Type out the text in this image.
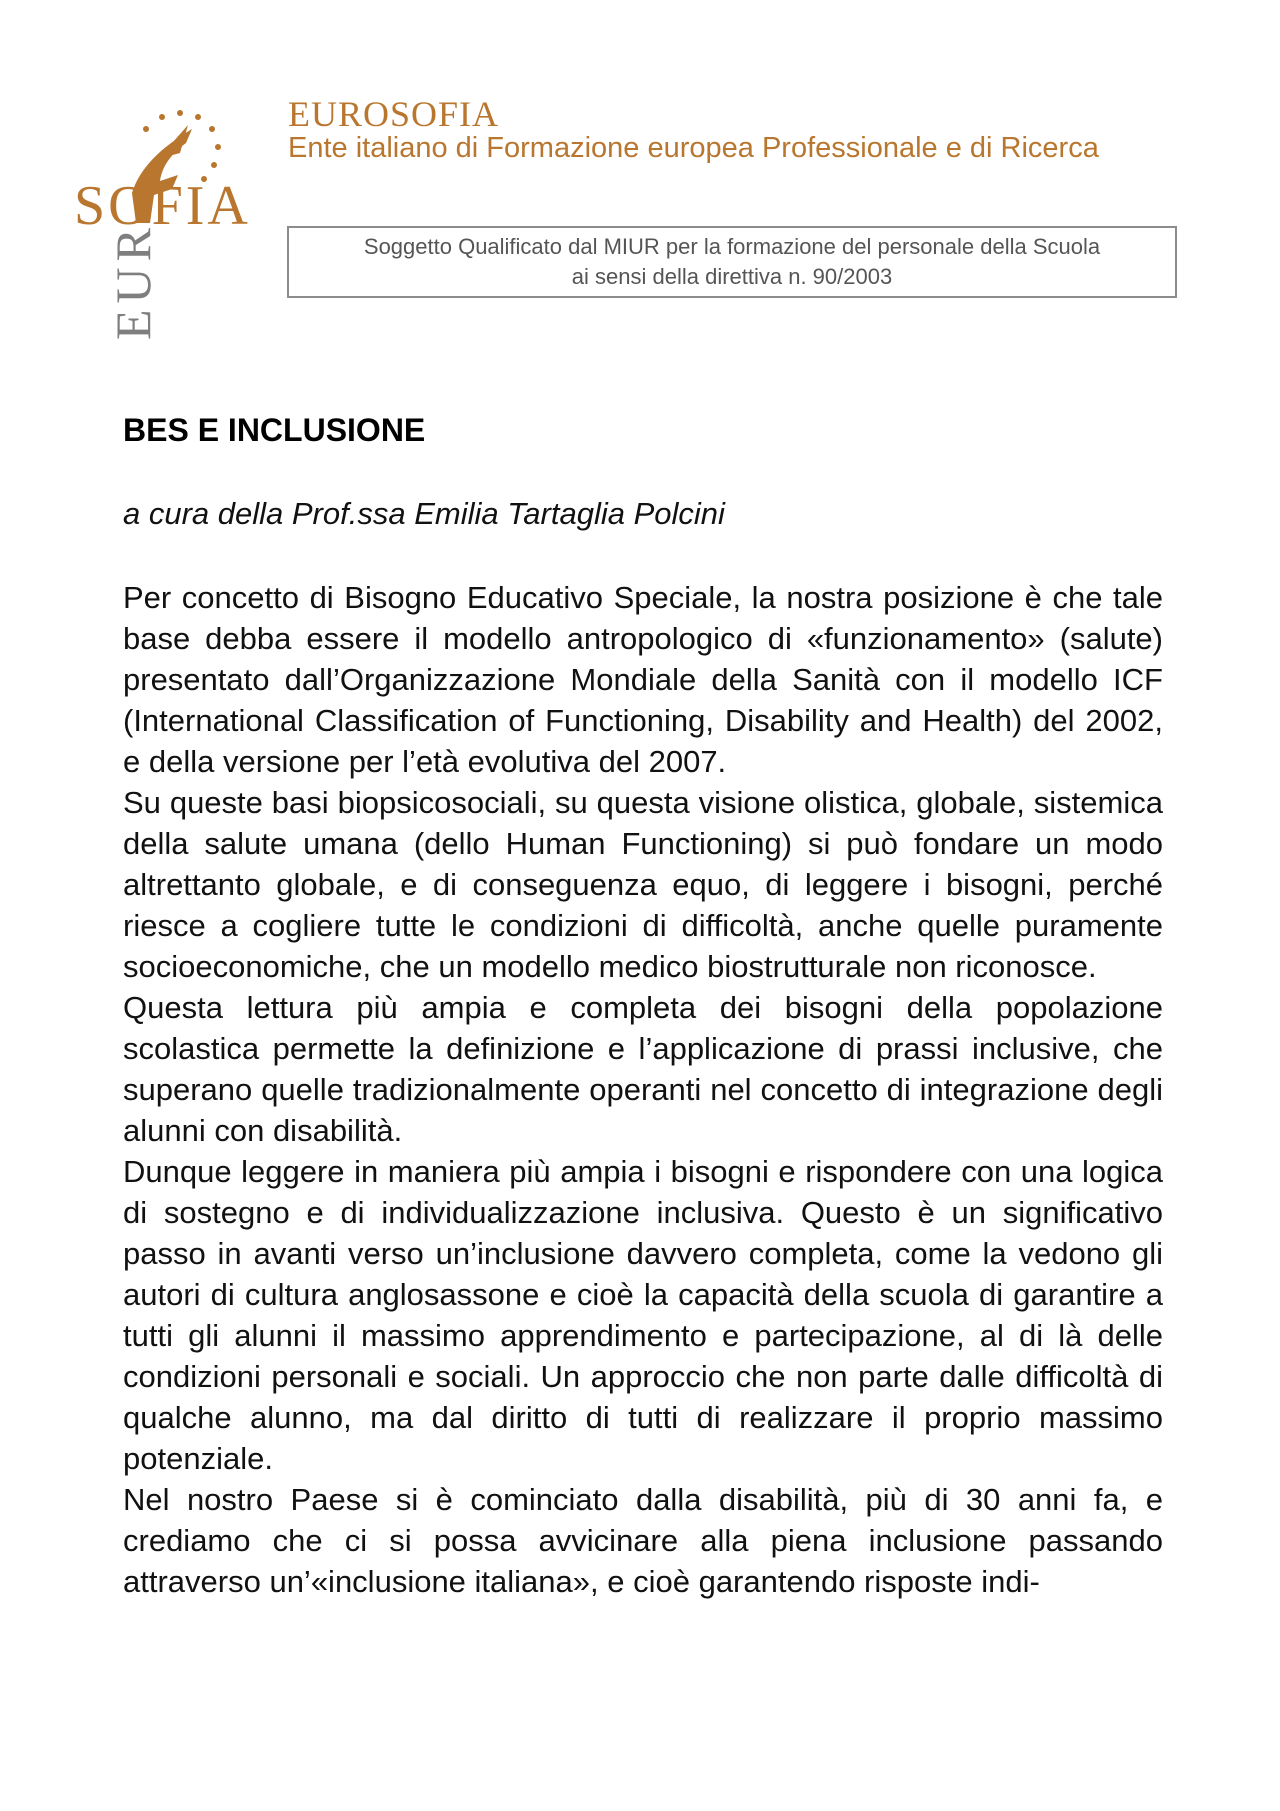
SOFIA
EUR
EUROSOFIA
Ente italiano di Formazione europea Professionale e di Ricerca
Soggetto Qualificato dal MIUR per la formazione del personale della Scuola
ai sensi della direttiva n. 90/2003
BES E INCLUSIONE
a cura della Prof.ssa Emilia Tartaglia Polcini

Per concetto di Bisogno Educativo Speciale, la nostra posizione è che tale base debba essere il modello antropologico di «funzionamento» (salute) presentato dall’Organizzazione Mondiale della Sanità con il modello ICF (International Classification of Functioning, Disability and Health) del 2002, e della versione per l’età evolutiva del 2007.

Su queste basi biopsicosociali, su questa visione olistica, globale, sistemica della salute umana (dello Human Functioning) si può fondare un modo altrettanto globale, e di conseguenza equo, di leggere i bisogni, perché riesce a cogliere tutte le condizioni di difficoltà, anche quelle puramente socioeconomiche, che un modello medico biostrutturale non riconosce.

Questa lettura più ampia e completa dei bisogni della popolazione scolastica permette la definizione e l’applicazione di prassi inclusive, che superano quelle tradizionalmente operanti nel concetto di integrazione degli alunni con disabilità.

Dunque leggere in maniera più ampia i bisogni e rispondere con una logica di sostegno e di individualizzazione inclusiva. Questo è un significativo passo in avanti verso un’inclusione davvero completa, come la vedono gli autori di cultura anglosassone e cioè la capacità della scuola di garantire a tutti gli alunni il massimo apprendimento e partecipazione, al di là delle condizioni personali e sociali. Un approccio che non parte dalle difficoltà di qualche alunno, ma dal diritto di tutti di realizzare il proprio massimo potenziale.

Nel nostro Paese si è cominciato dalla disabilità, più di 30 anni fa, e crediamo che ci si possa avvicinare alla piena inclusione passando attraverso un’«inclusione italiana», e cioè garantendo risposte indi-
